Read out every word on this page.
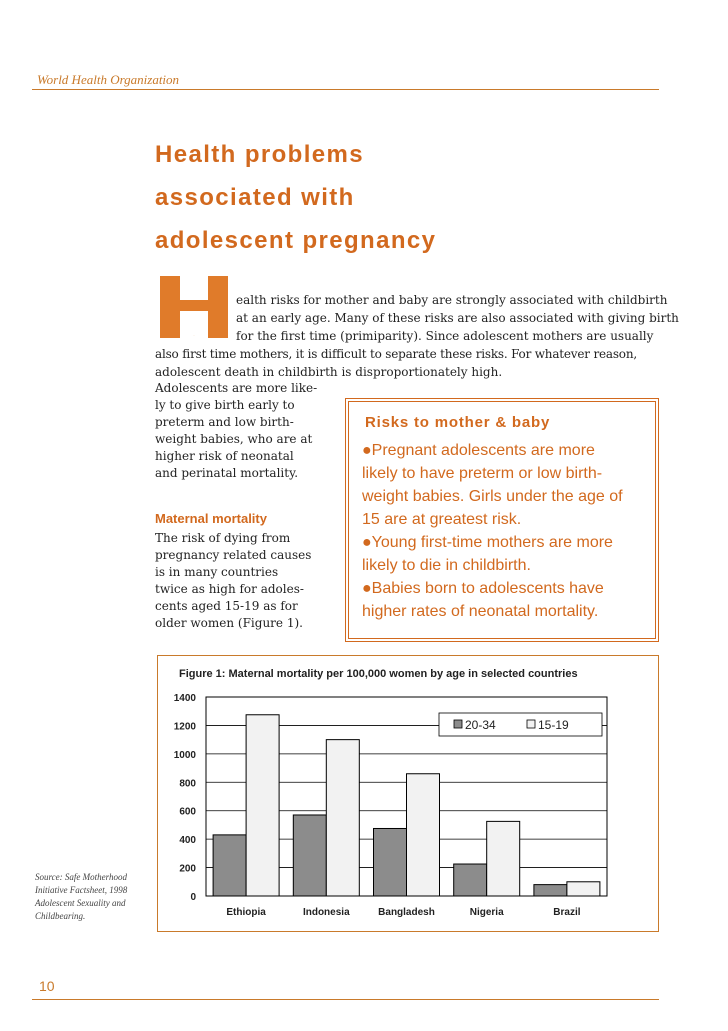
World Health Organization
Health problems
associated with
adolescent pregnancy
H
ealth risks for mother and baby are strongly associated with childbirth
at an early age. Many of these risks are also associated with giving birth
for the first time (primiparity). Since adolescent mothers are usually
also first time mothers, it is difficult to separate these risks. For whatever reason,
adolescent death in childbirth is disproportionately high.
Adolescents are more like-
ly to give birth early to
preterm and low birth-
weight babies, who are at
higher risk of neonatal
and perinatal mortality.
Maternal mortality
The risk of dying from
pregnancy related causes
is in many countries
twice as high for adoles-
cents aged 15-19 as for
older women (Figure 1).
Risks to mother & baby
●Pregnant adolescents are more
likely to have preterm or low birth-
weight babies. Girls under the age of
15 are at greatest risk.
●Young first-time mothers are more
likely to die in childbirth.
●Babies born to adolescents have
higher rates of neonatal mortality.
Figure 1: Maternal mortality per 100,000 women by age in selected countries
0
200
400
600
800
1000
1200
1400
Ethiopia	Indonesia	Bangladesh	Nigeria	Brazil
20-34	15-19
Source: Safe Motherhood
Initiative Factsheet, 1998
Adolescent Sexuality and
Childbearing.
10
